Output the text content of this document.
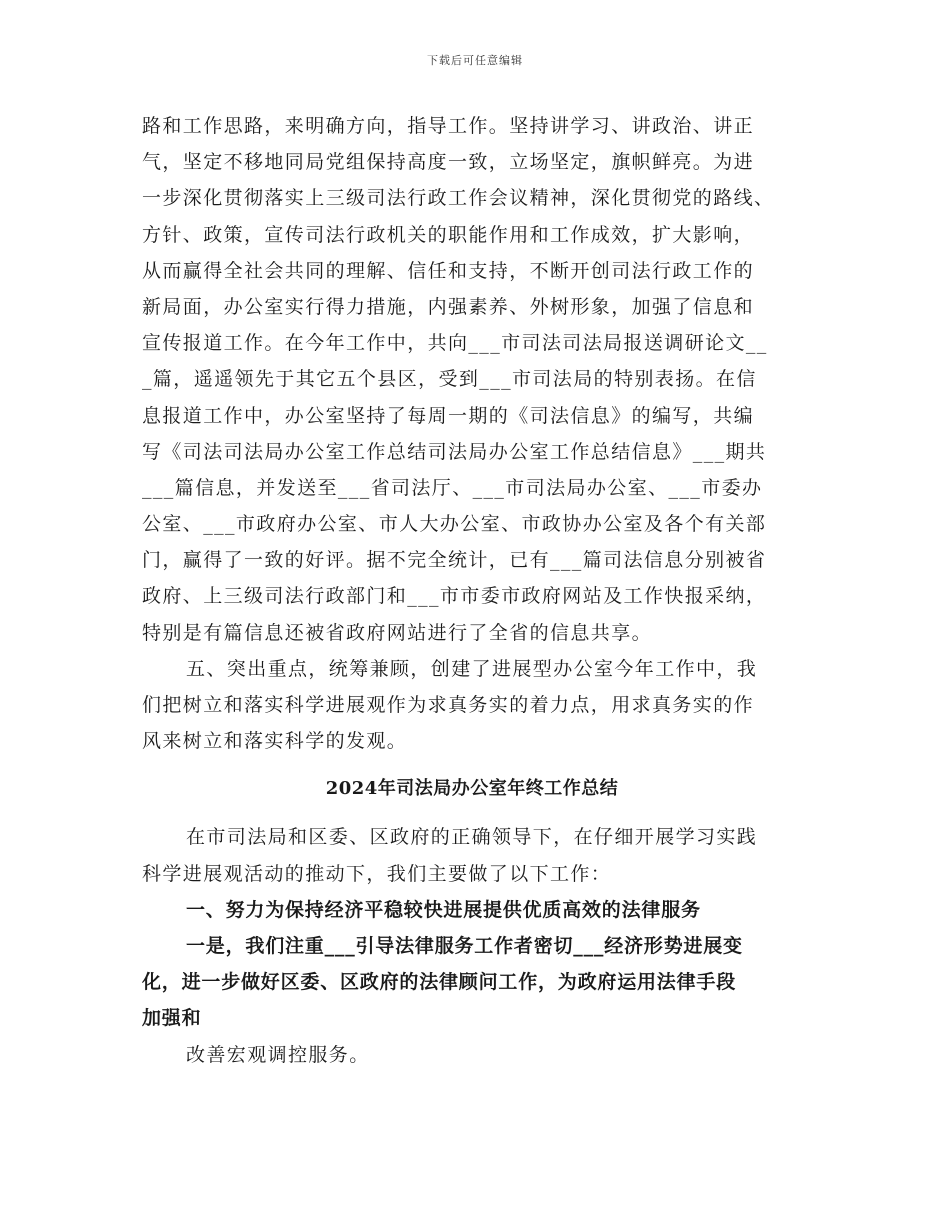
下载后可任意编辑
路和工作思路，来明确方向，指导工作。坚持讲学习、讲政治、讲正
气，坚定不移地同局党组保持高度一致，立场坚定，旗帜鲜亮。为进
一步深化贯彻落实上三级司法行政工作会议精神，深化贯彻党的路线、
方针、政策，宣传司法行政机关的职能作用和工作成效，扩大影响，
从而赢得全社会共同的理解、信任和支持，不断开创司法行政工作的
新局面，办公室实行得力措施，内强素养、外树形象，加强了信息和
宣传报道工作。在今年工作中，共向___市司法司法局报送调研论文__
_篇，遥遥领先于其它五个县区，受到___市司法局的特别表扬。在信
息报道工作中，办公室坚持了每周一期的《司法信息》的编写，共编
写《司法司法局办公室工作总结司法局办公室工作总结信息》___期共
___篇信息，并发送至___省司法厅、___市司法局办公室、___市委办
公室、___市政府办公室、市人大办公室、市政协办公室及各个有关部
门，赢得了一致的好评。据不完全统计，已有___篇司法信息分别被省
政府、上三级司法行政部门和___市市委市政府网站及工作快报采纳，
特别是有篇信息还被省政府网站进行了全省的信息共享。
五、突出重点，统筹兼顾，创建了进展型办公室今年工作中，我
们把树立和落实科学进展观作为求真务实的着力点，用求真务实的作
风来树立和落实科学的发观。
2024年司法局办公室年终工作总结
在市司法局和区委、区政府的正确领导下，在仔细开展学习实践
科学进展观活动的推动下，我们主要做了以下工作：
一、努力为保持经济平稳较快进展提供优质高效的法律服务
一是，我们注重___引导法律服务工作者密切___经济形势进展变
化，进一步做好区委、区政府的法律顾问工作，为政府运用法律手段
加强和
改善宏观调控服务。
